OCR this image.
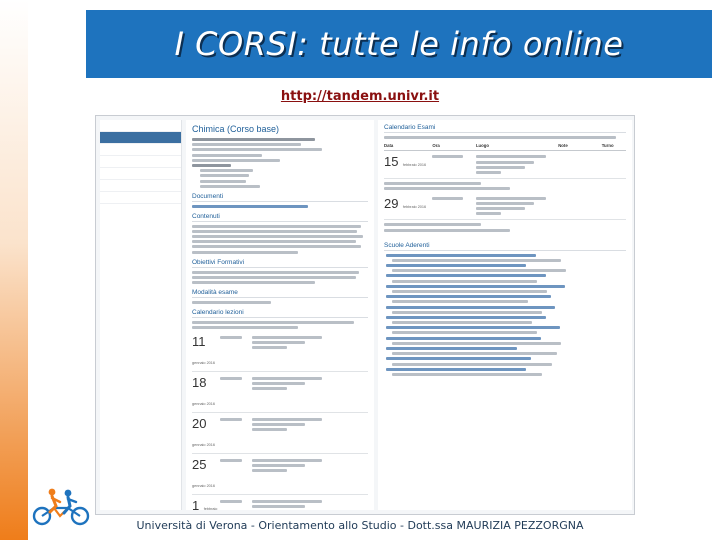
I CORSI: tutte le info online
http://tandem.univr.it

Chimica (Corso base)
Documenti
Contenuti
Obiettivi Formativi
Modalità esame
Calendario lezioni
11 gennaio 2016
18 gennaio 2016
20 gennaio 2016
25 gennaio 2016
1 febbraio
Calendario Esami
Data	Ora	Luogo	Note	Turno
15 febbraio 2016
29 febbraio 2016
Scuole Aderenti
Università di Verona - Orientamento allo Studio - Dott.ssa MAURIZIA PEZZORGNA
